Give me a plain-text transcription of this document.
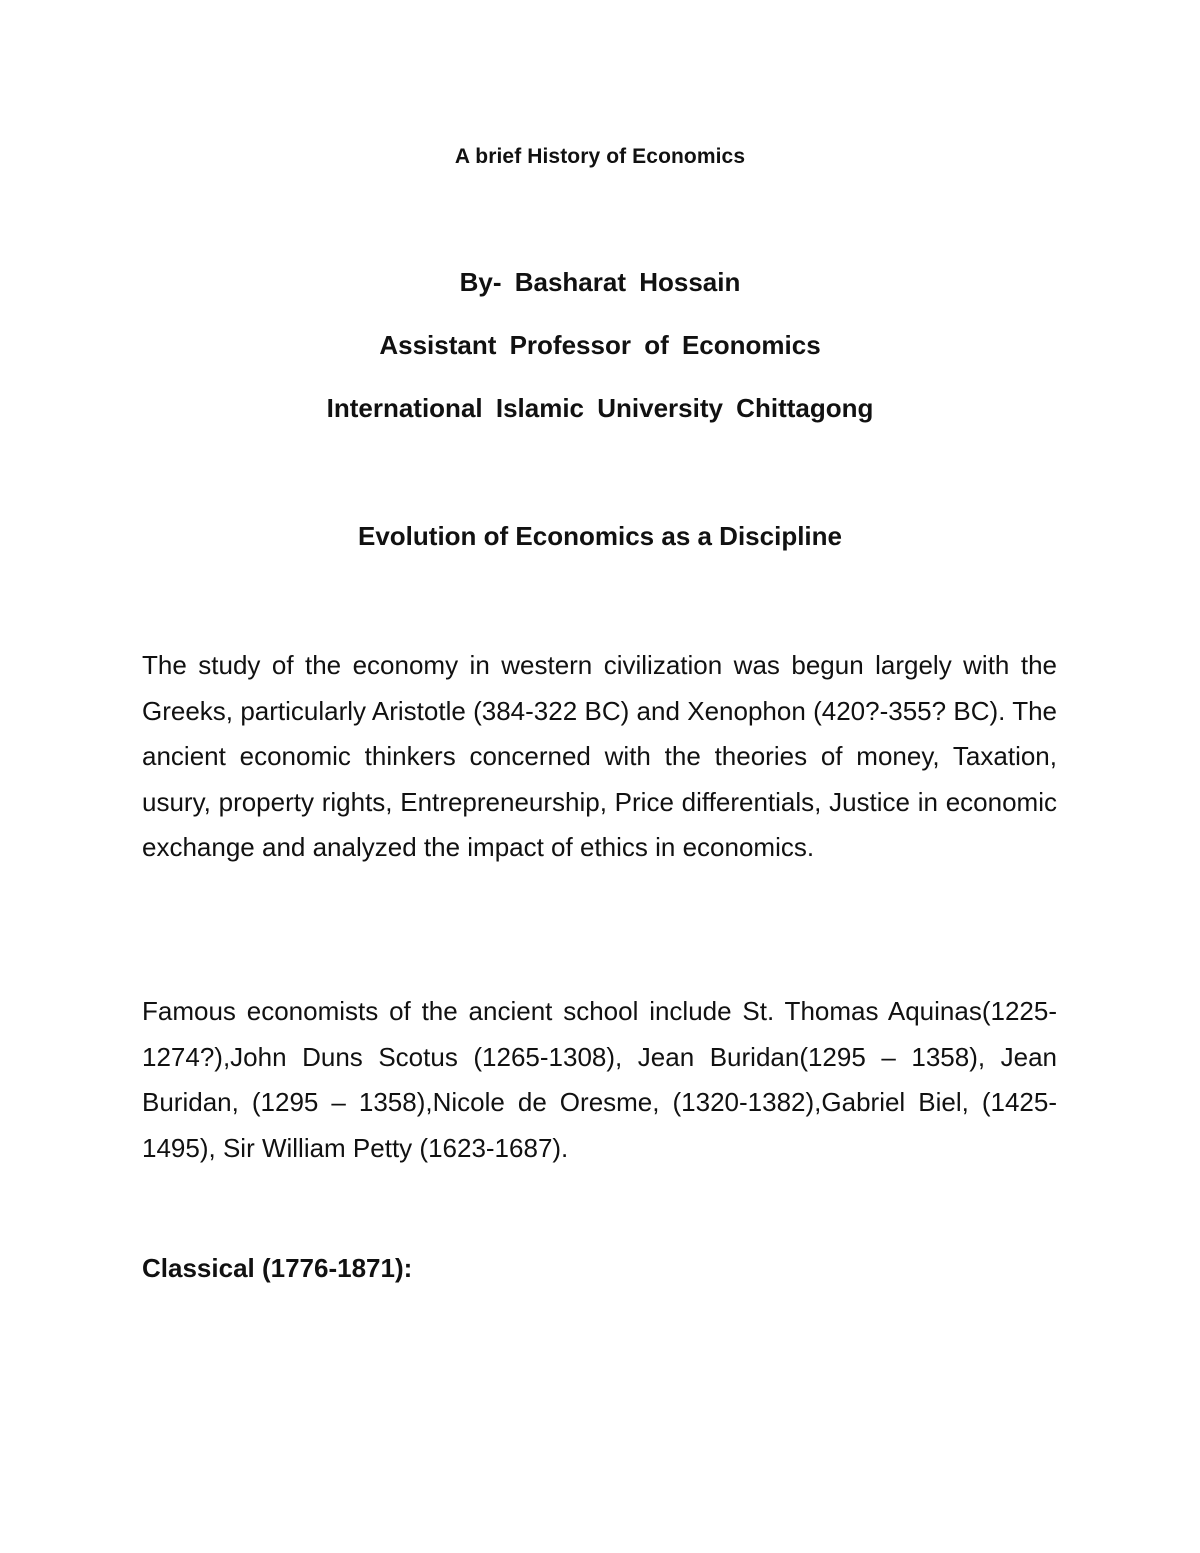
A brief History of Economics
By- Basharat Hossain
Assistant Professor of Economics
International Islamic University Chittagong
Evolution of Economics as a Discipline

The study of the economy in western civilization was begun largely with the Greeks, particularly Aristotle (384-322 BC) and Xenophon (420?-355? BC). The ancient economic thinkers concerned with the theories of money, Taxation, usury, property rights, Entrepreneurship, Price differentials, Justice in economic exchange and analyzed the impact of ethics in economics.

Famous economists of the ancient school include St. Thomas Aquinas(1225-1274?),John Duns Scotus (1265-1308), Jean Buridan(1295 – 1358), Jean Buridan, (1295 – 1358),Nicole de Oresme, (1320-1382),Gabriel Biel, (1425-1495), Sir William Petty (1623-1687).

Classical (1776-1871):
